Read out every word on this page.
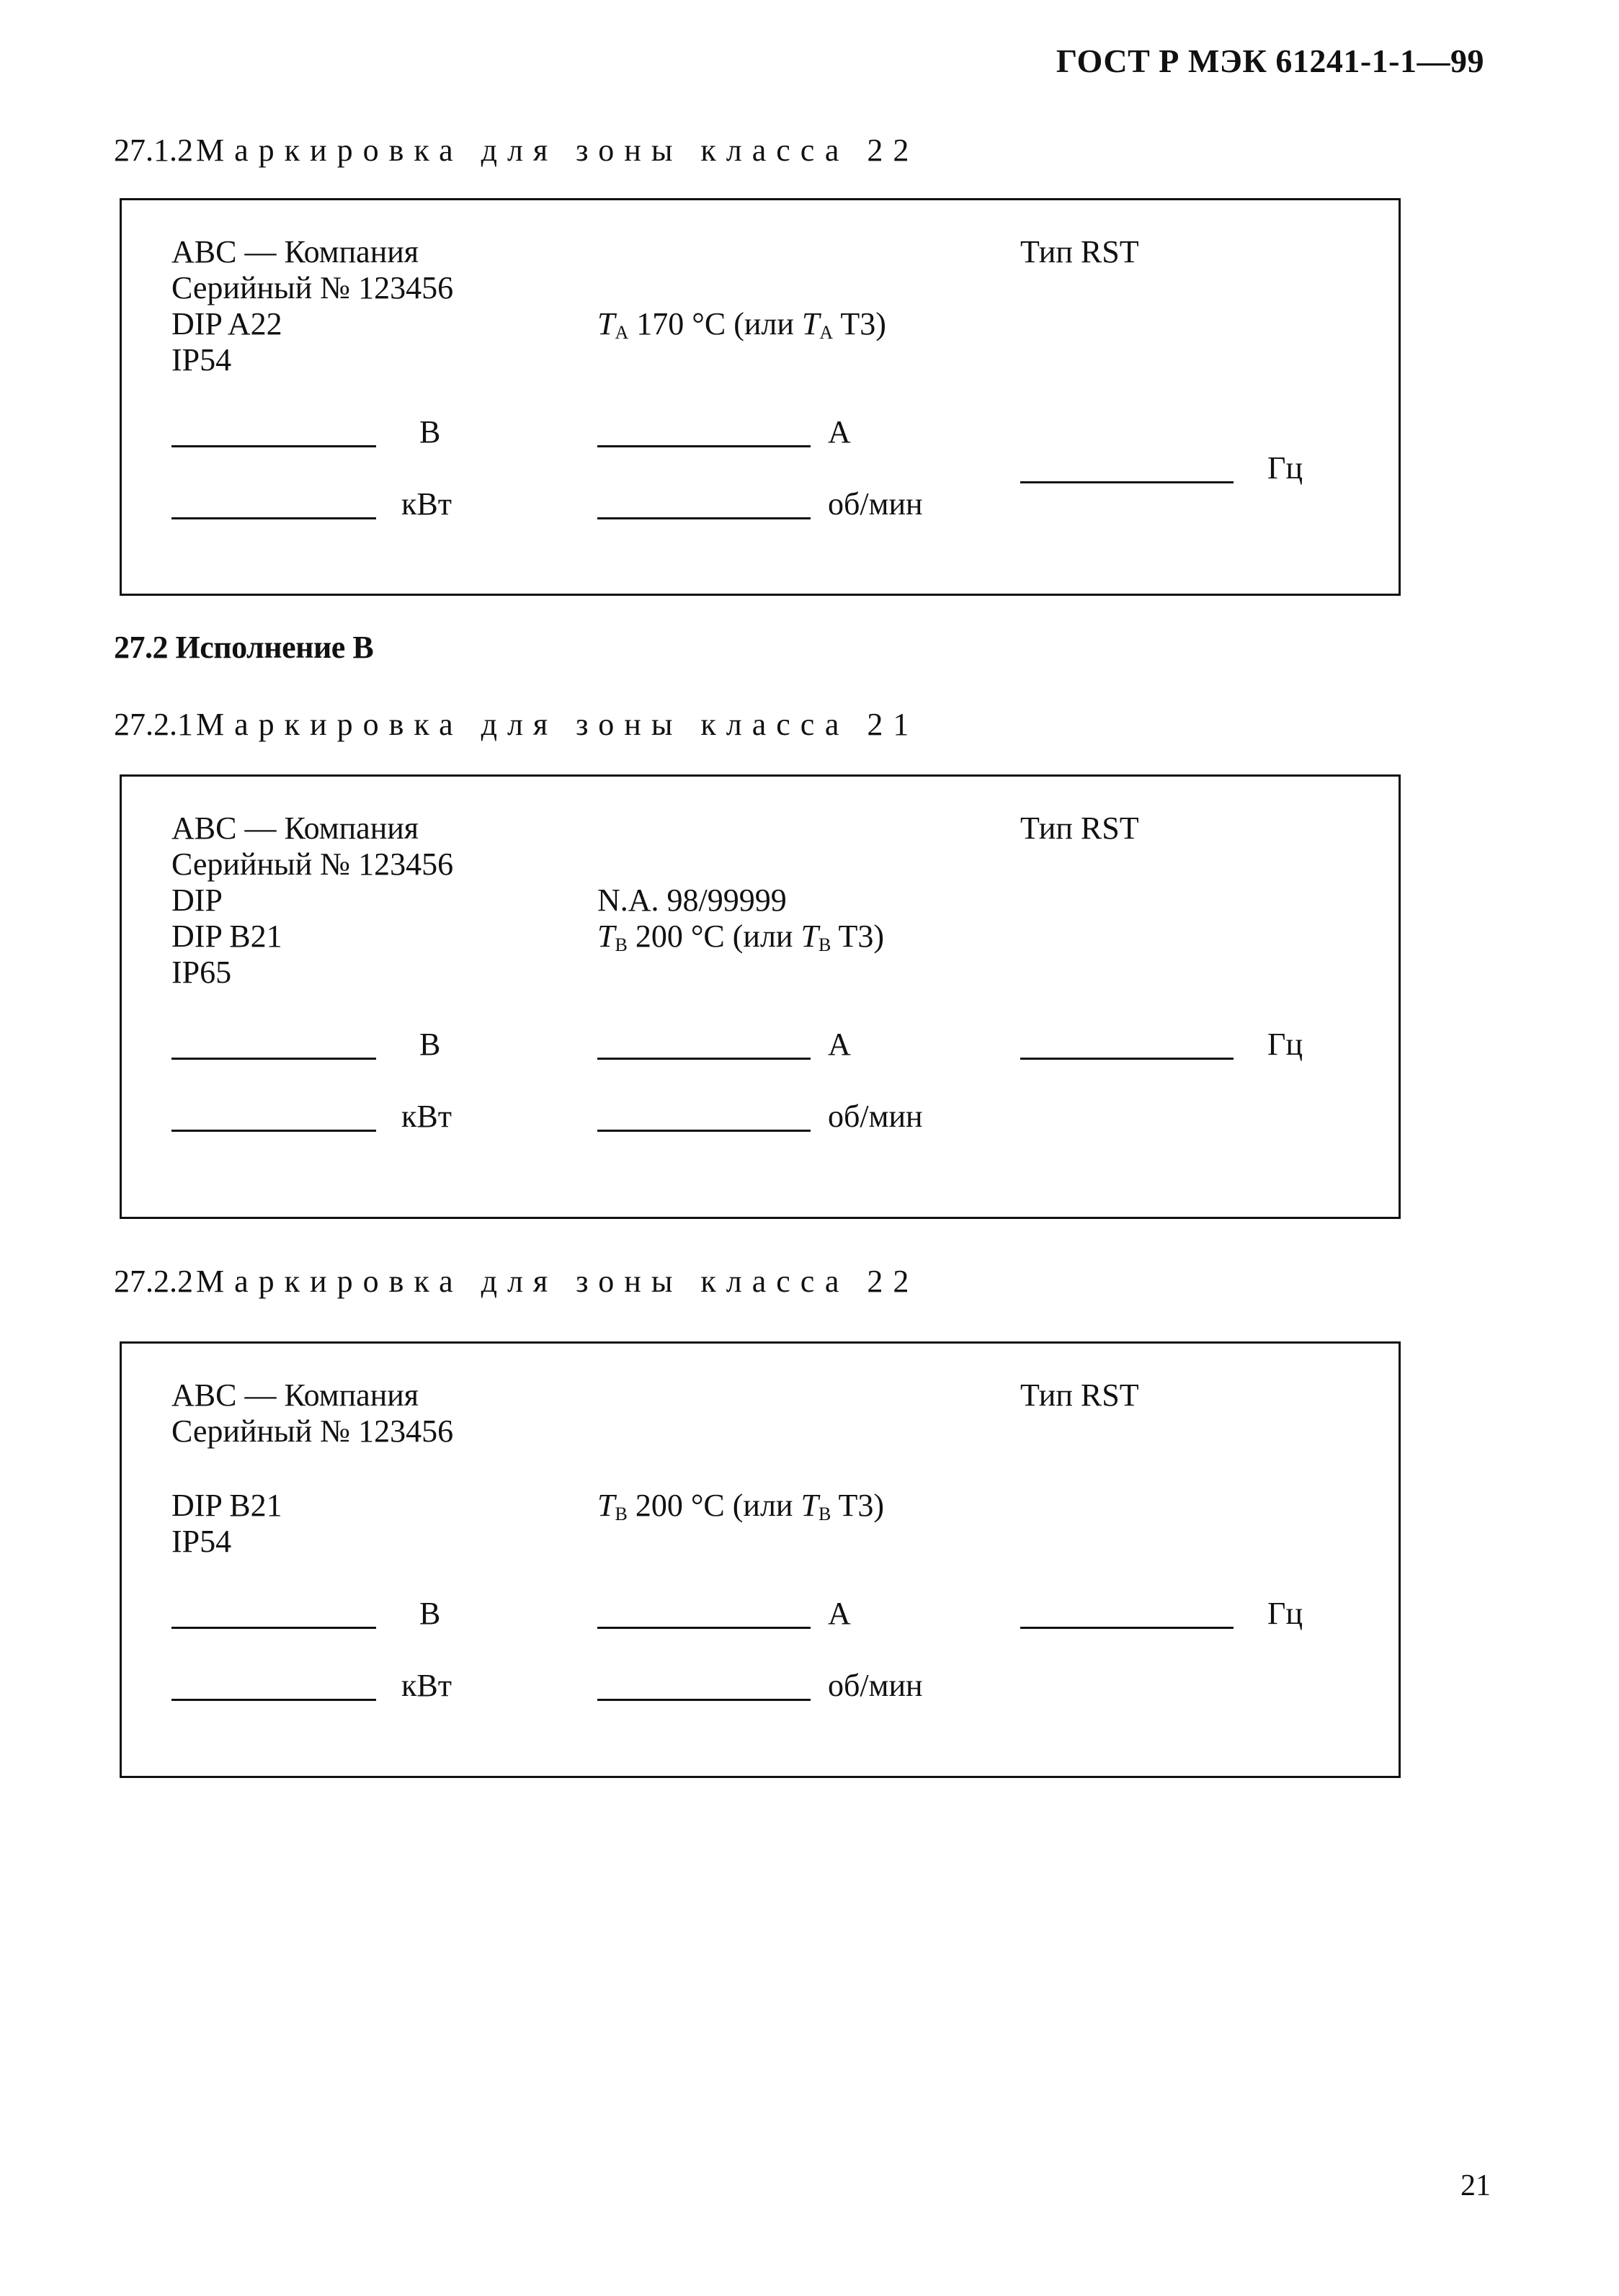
ГОСТ Р МЭК 61241-1-1—99
27.1.2Маркировка для зоны класса 22
ABC — Компания
Серийный № 123456
DIP A22
IP54
Тип RST
$T_A$ 170 °C (или $T_A$ T3)
B	A
Гц
кВт	об/мин
27.2 Исполнение B
27.2.1Маркировка для зоны класса 21
ABC — Компания
Серийный № 123456
DIP
DIP B21
IP65
Тип RST
N.A. 98/99999
$T_B$ 200 °C (или $T_B$ T3)
B	A	Гц
кВт	об/мин
27.2.2Маркировка для зоны класса 22
ABC — Компания
Серийный № 123456
DIP B21
IP54
Тип RST
$T_B$ 200 °C (или $T_B$ T3)
B	A	Гц
кВт	об/мин
21
